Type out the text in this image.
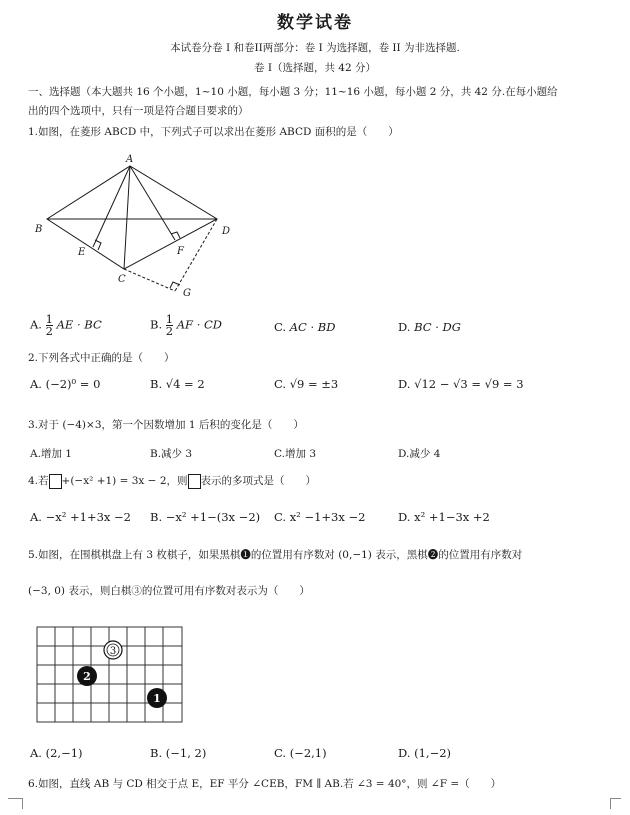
数学试卷
本试卷分卷 I 和卷II两部分：卷 I 为选择题，卷 II 为非选择题.
卷 I（选择题，共 42 分）
一、选择题（本大题共 16 个小题，1~10 小题，每小题 3 分；11~16 小题，每小题 2 分，共 42 分.在每小题给
出的四个选项中，只有一项是符合题目要求的）
1.如图，在菱形 ABCD 中，下列式子可以求出在菱形 ABCD 面积的是（　　）
A
B
C
D
E	F
G
A. $\frac{1}{2}$ AE · BC	B. $\frac{1}{2}$ AF · CD	C. AC · BD	D. BC · DG
2.下列各式中正确的是（　　）
A. (−2)⁰ = 0	B. √4 = 2	C. √9 = ±3	D. √12 − √3 = √9 = 3
3.对于 (−4)×3，第一个因数增加 1 后积的变化是（　　）
A.增加 1	B.减少 3	C.增加 3	D.减少 4
4.若 +(−x² +1) = 3x − 2，则 表示的多项式是（　　）
A. −x² +1+3x −2 B. −x² +1−(3x −2) C. x² −1+3x −2	D. x² +1−3x +2
5.如图，在围棋棋盘上有 3 枚棋子，如果黑棋❶的位置用有序数对 (0,−1) 表示，黑棋❷的位置用有序数对
(−3, 0) 表示，则白棋③的位置可用有序数对表示为（　　）
3
2
1
A. (2,−1)	B. (−1, 2)	C. (−2,1)	D. (1,−2)
6.如图，直线 AB 与 CD 相交于点 E，EF 平分 ∠CEB，FM ∥ AB.若 ∠3 = 40°，则 ∠F =（　　）
